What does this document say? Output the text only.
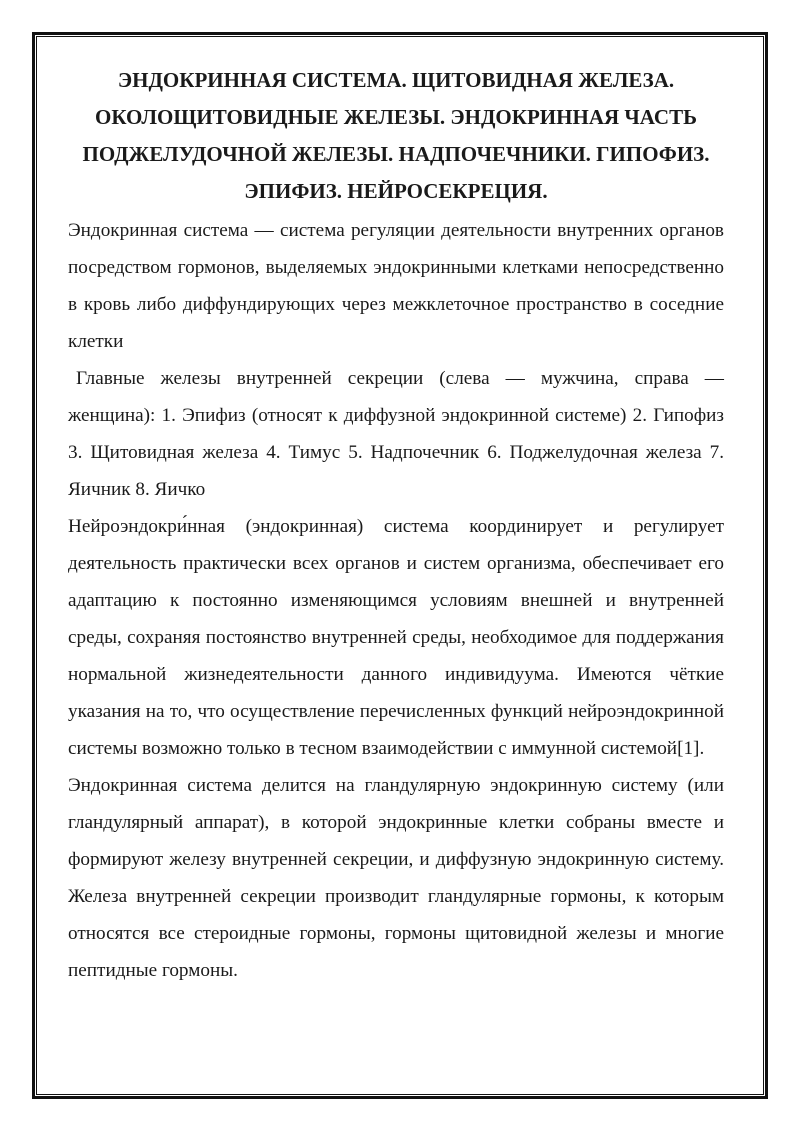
ЭНДОКРИННАЯ СИСТЕМА. ЩИТОВИДНАЯ ЖЕЛЕЗА.
ОКОЛОЩИТОВИДНЫЕ ЖЕЛЕЗЫ. ЭНДОКРИННАЯ ЧАСТЬ
ПОДЖЕЛУДОЧНОЙ ЖЕЛЕЗЫ. НАДПОЧЕЧНИКИ. ГИПОФИЗ.
ЭПИФИЗ. НЕЙРОСЕКРЕЦИЯ.

Эндокринная система — система регуляции деятельности внутренних органов посредством гормонов, выделяемых эндокринными клетками непосредственно в кровь либо диффундирующих через межклеточное пространство в соседние клетки

Главные железы внутренней секреции (слева — мужчина, справа — женщина): 1. Эпифиз (относят к диффузной эндокринной системе) 2. Гипофиз 3. Щитовидная железа 4. Тимус 5. Надпочечник 6. Поджелудочная железа 7. Яичник 8. Яичко

Нейроэндокри́нная (эндокринная) система координирует и регулирует деятельность практически всех органов и систем организма, обеспечивает его адаптацию к постоянно изменяющимся условиям внешней и внутренней среды, сохраняя постоянство внутренней среды, необходимое для поддержания нормальной жизнедеятельности данного индивидуума. Имеются чёткие указания на то, что осуществление перечисленных функций нейроэндокринной системы возможно только в тесном взаимодействии с иммунной системой[1].

Эндокринная система делится на гландулярную эндокринную систему (или гландулярный аппарат), в которой эндокринные клетки собраны вместе и формируют железу внутренней секреции, и диффузную эндокринную систему. Железа внутренней секреции производит гландулярные гормоны, к которым относятся все стероидные гормоны, гормоны щитовидной железы и многие пептидные гормоны.
